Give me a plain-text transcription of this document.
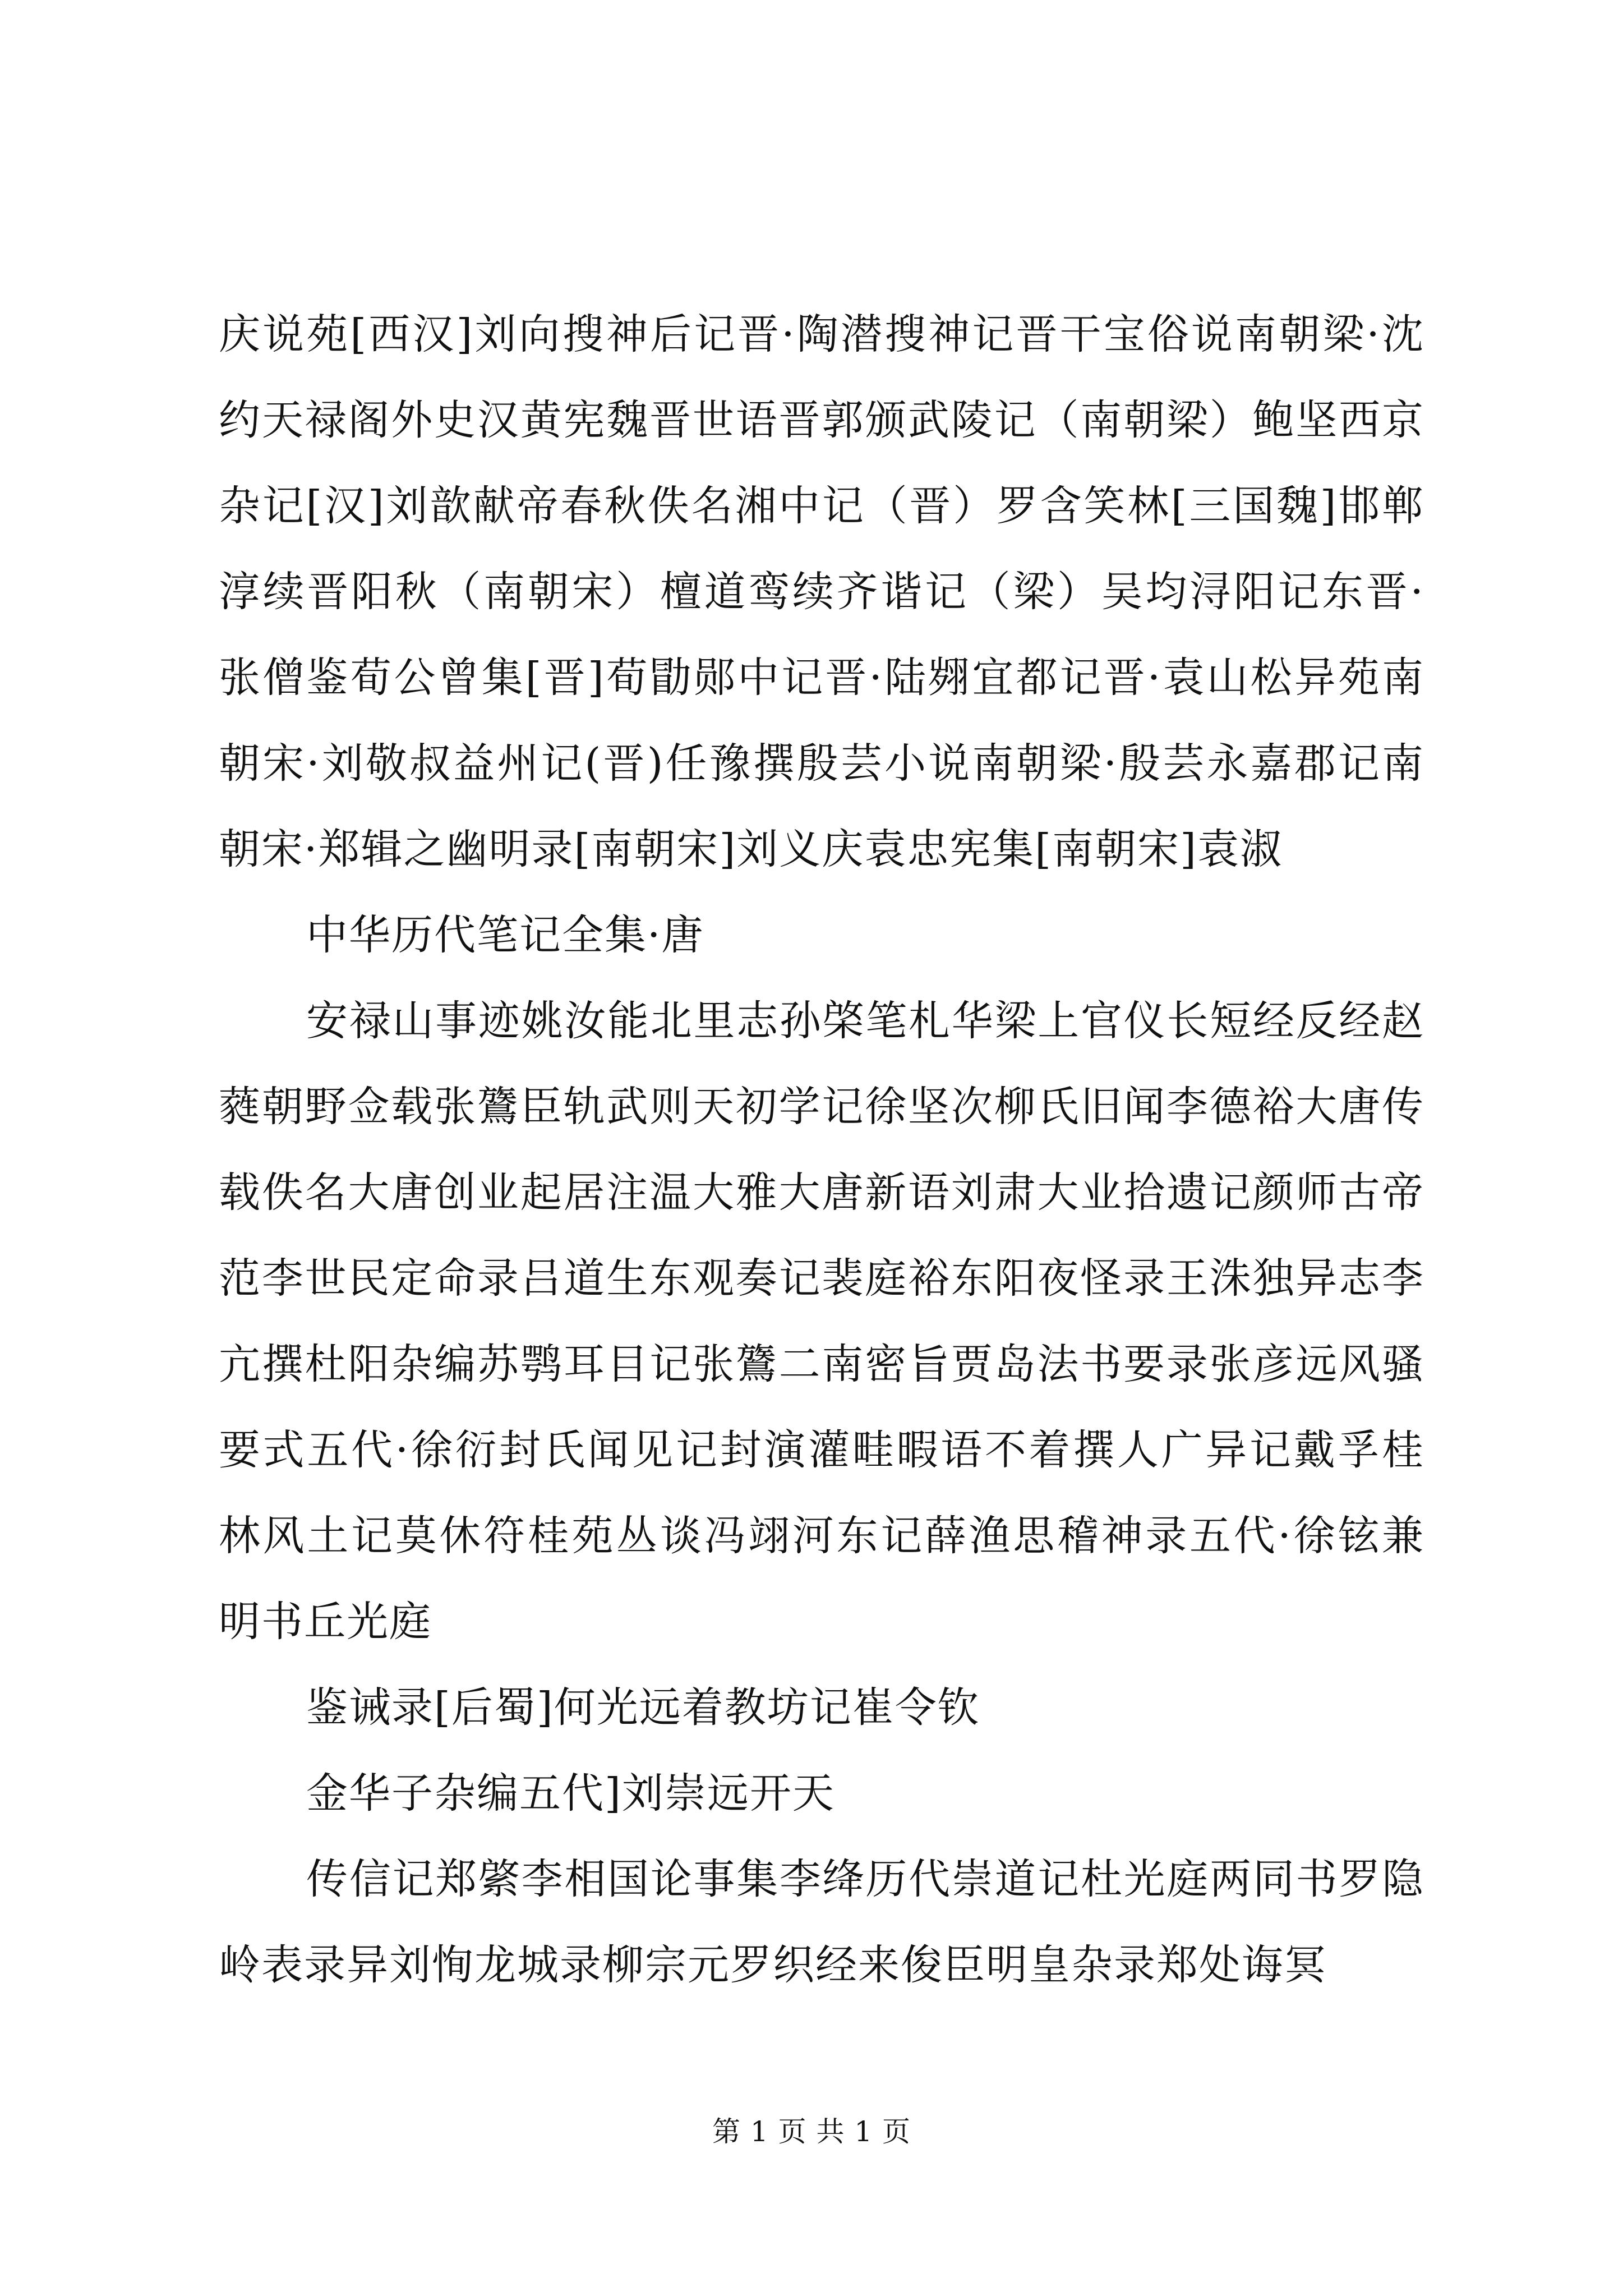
庆说苑[西汉]刘向搜神后记晋·陶潜搜神记晋干宝俗说南朝梁·沈约天禄阁外史汉黄宪魏晋世语晋郭颁武陵记（南朝梁）鲍坚西京杂记[汉]刘歆献帝春秋佚名湘中记（晋）罗含笑林[三国魏]邯郸淳续晋阳秋（南朝宋）檀道鸾续齐谐记（梁）吴均浔阳记东晋·张僧鉴荀公曾集[晋]荀勖郧中记晋·陆翙宜都记晋·袁山松异苑南朝宋·刘敬叔益州记(晋)任豫撰殷芸小说南朝梁·殷芸永嘉郡记南朝宋·郑辑之幽明录[南朝宋]刘义庆袁忠宪集[南朝宋]袁淑

中华历代笔记全集·唐

安禄山事迹姚汝能北里志孙棨笔札华梁上官仪长短经反经赵蕤朝野佥载张鷟臣轨武则天初学记徐坚次柳氏旧闻李德裕大唐传载佚名大唐创业起居注温大雅大唐新语刘肃大业拾遗记颜师古帝范李世民定命录吕道生东观奏记裴庭裕东阳夜怪录王洙独异志李亢撰杜阳杂编苏鹗耳目记张鷟二南密旨贾岛法书要录张彦远风骚要式五代·徐衍封氏闻见记封演灌畦暇语不着撰人广异记戴孚桂林风土记莫休符桂苑丛谈冯翊河东记薛渔思稽神录五代·徐铉兼明书丘光庭

鉴诫录[后蜀]何光远着教坊记崔令钦

金华子杂编五代]刘崇远开天

传信记郑綮李相国论事集李绛历代崇道记杜光庭两同书罗隐岭表录异刘恂龙城录柳宗元罗织经来俊臣明皇杂录郑处诲冥

第 1 页 共 1 页
